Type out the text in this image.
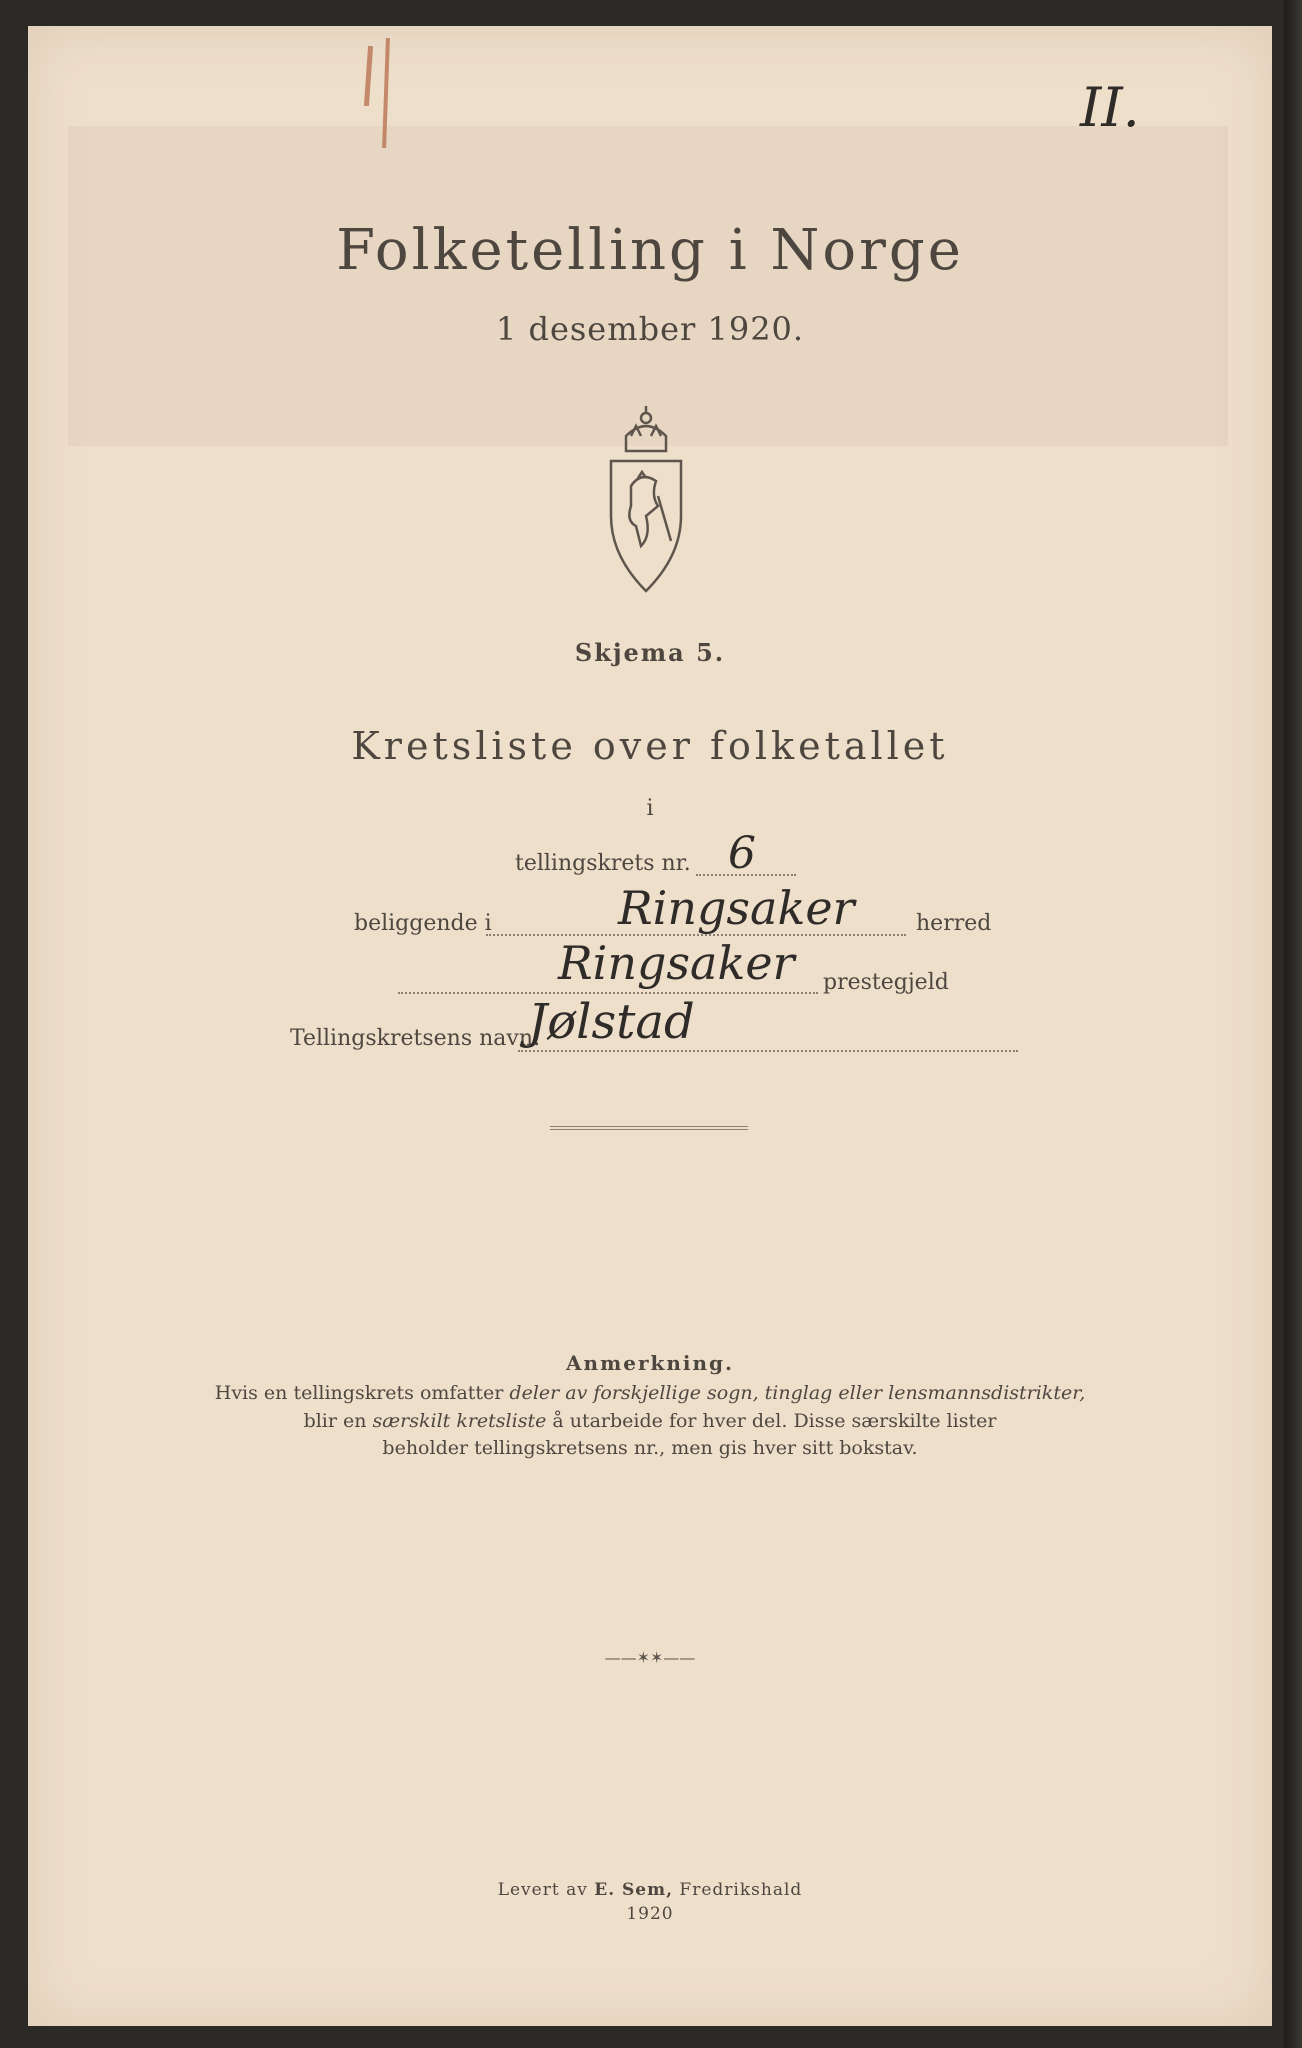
II.
Folketelling i Norge
1 desember 1920.
Skjema 5.
Kretsliste over folketallet
i
tellingskrets nr. 6
beliggende i	Ringsaker	herred
Ringsaker prestegjeld
Tellingskretsens navn:
Jølstad
Anmerkning.
Hvis en tellingskrets omfatter deler av forskjellige sogn, tinglag eller lensmannsdistrikter,
blir en særskilt kretsliste å utarbeide for hver del. Disse særskilte lister
beholder tellingskretsens nr., men gis hver sitt bokstav.
——✶✶——
Levert av E. Sem, Fredrikshald
1920
